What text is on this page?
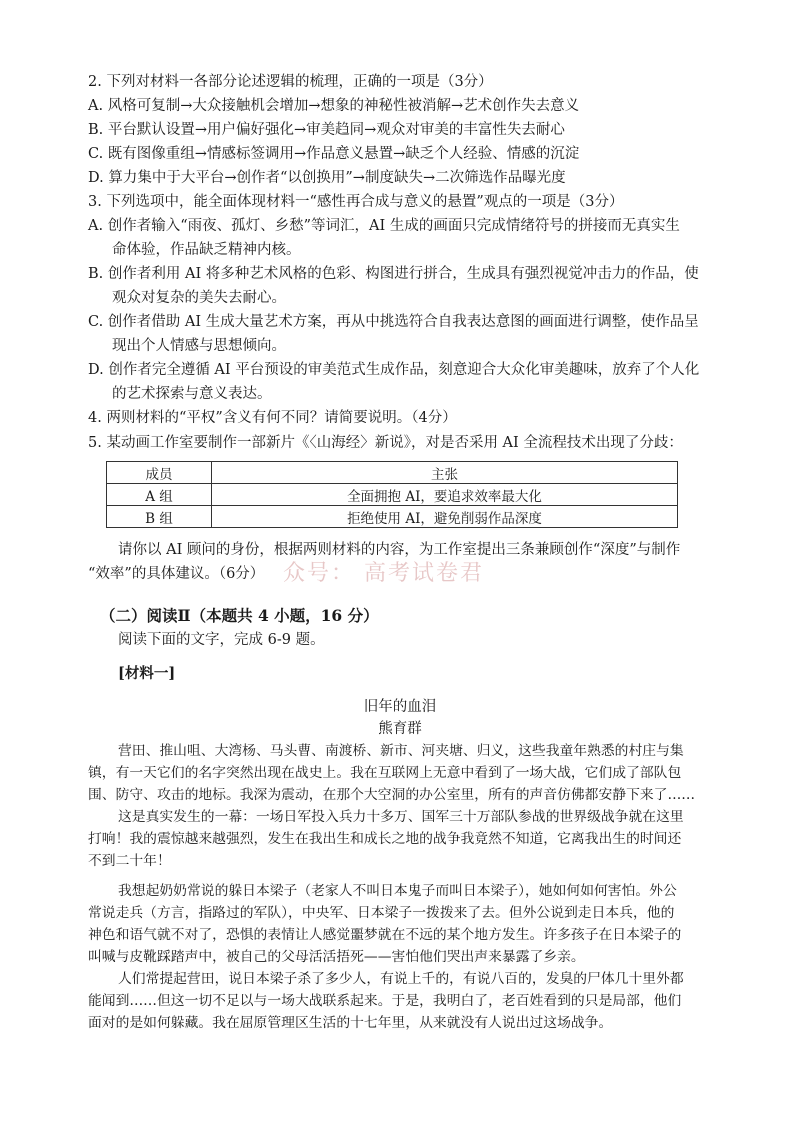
2. 下列对材料一各部分论述逻辑的梳理，正确的一项是（3分）
A. 风格可复制→大众接触机会增加→想象的神秘性被消解→艺术创作失去意义
B. 平台默认设置→用户偏好强化→审美趋同→观众对审美的丰富性失去耐心
C. 既有图像重组→情感标签调用→作品意义悬置→缺乏个人经验、情感的沉淀
D. 算力集中于大平台→创作者“以创换用”→制度缺失→二次筛选作品曝光度
3. 下列选项中，能全面体现材料一“感性再合成与意义的悬置”观点的一项是（3分）
A. 创作者输入“雨夜、孤灯、乡愁”等词汇，AI 生成的画面只完成情绪符号的拼接而无真实生
命体验，作品缺乏精神内核。
B. 创作者利用 AI 将多种艺术风格的色彩、构图进行拼合，生成具有强烈视觉冲击力的作品，使
观众对复杂的美失去耐心。
C. 创作者借助 AI 生成大量艺术方案，再从中挑选符合自我表达意图的画面进行调整，使作品呈
现出个人情感与思想倾向。
D. 创作者完全遵循 AI 平台预设的审美范式生成作品，刻意迎合大众化审美趣味，放弃了个人化
的艺术探索与意义表达。
4. 两则材料的“平权”含义有何不同？请简要说明。（4分）
5. 某动画工作室要制作一部新片《〈山海经〉新说》，对是否采用 AI 全流程技术出现了分歧：
成员	主张
A 组	全面拥抱 AI，要追求效率最大化
B 组	拒绝使用 AI，避免削弱作品深度
请你以 AI 顾问的身份，根据两则材料的内容，为工作室提出三条兼顾创作“深度”与制作
“效率”的具体建议。（6分） 众号： 高考试卷君
（二）阅读Ⅱ（本题共 4 小题，16 分）
阅读下面的文字，完成 6-9 题。
[材料一]
旧年的血泪
熊育群
营田、推山咀、大湾杨、马头曹、南渡桥、新市、河夹塘、归义，这些我童年熟悉的村庄与集
镇，有一天它们的名字突然出现在战史上。我在互联网上无意中看到了一场大战，它们成了部队包
围、防守、攻击的地标。我深为震动，在那个大空洞的办公室里，所有的声音仿佛都安静下来了……
这是真实发生的一幕：一场日军投入兵力十多万、国军三十万部队参战的世界级战争就在这里
打响！我的震惊越来越强烈，发生在我出生和成长之地的战争我竟然不知道，它离我出生的时间还
不到二十年！
我想起奶奶常说的躲日本梁子（老家人不叫日本鬼子而叫日本梁子），她如何如何害怕。外公
常说走兵（方言，指路过的军队），中央军、日本梁子一拨拨来了去。但外公说到走日本兵，他的
神色和语气就不对了，恐惧的表情让人感觉噩梦就在不远的某个地方发生。许多孩子在日本梁子的
叫喊与皮靴踩踏声中，被自己的父母活活捂死——害怕他们哭出声来暴露了乡亲。
人们常提起营田，说日本梁子杀了多少人，有说上千的，有说八百的，发臭的尸体几十里外都
能闻到……但这一切不足以与一场大战联系起来。于是，我明白了，老百姓看到的只是局部，他们
面对的是如何躲藏。我在屈原管理区生活的十七年里，从来就没有人说出过这场战争。
